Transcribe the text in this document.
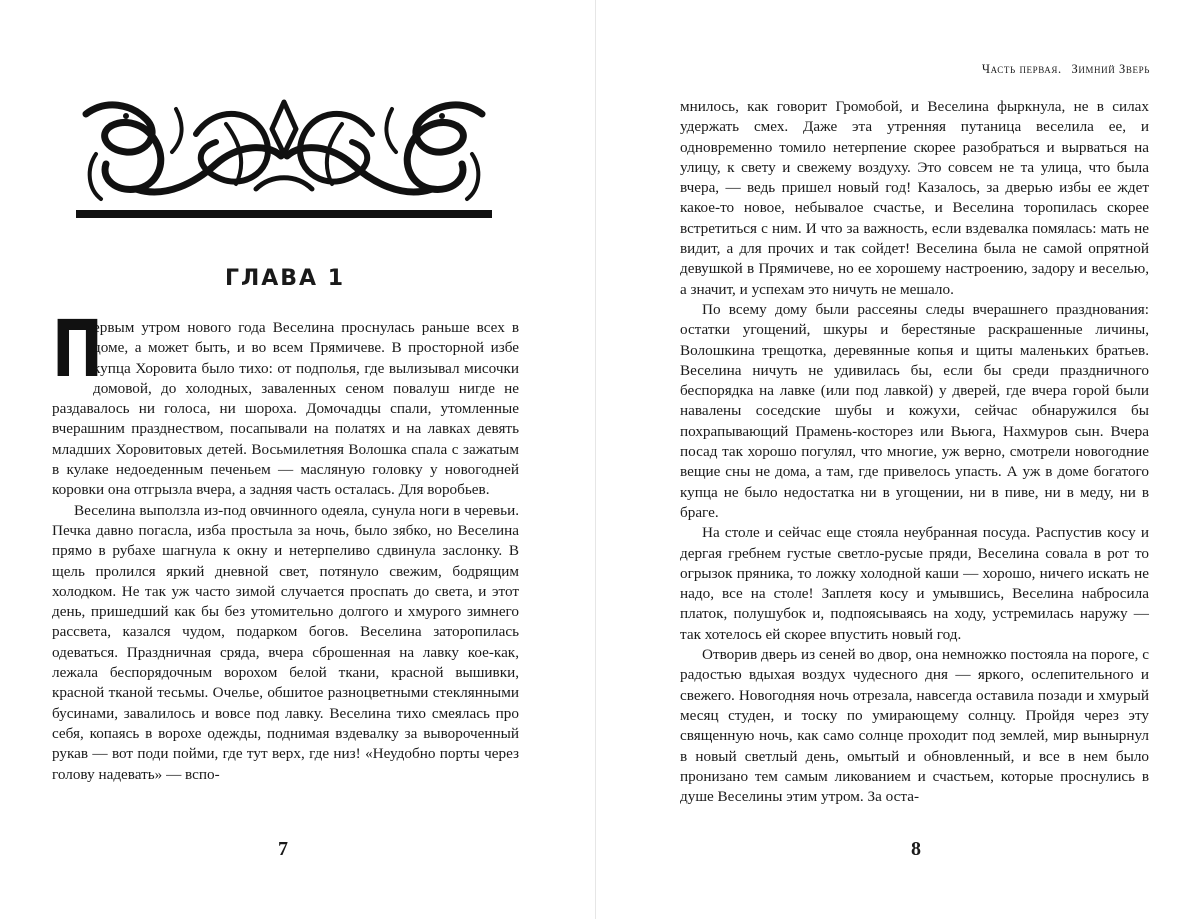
ГЛАВА 1

П
ервым утром нового года Веселина проснулась раньше всех в доме, а может быть, и во всем Прямичеве. В просторной избе купца Хоровита было тихо: от подполья, где вылизывал мисочки домовой, до холодных, заваленных сеном повалуш нигде не раздавалось ни голоса, ни шороха. Домочадцы спали, утомленные вчерашним празднеством, посапывали на полатях и на лавках девять младших Хоровитовых детей. Восьмилетняя Волошка спала с зажатым в кулаке недоеденным печеньем — масляную головку у новогодней коровки она отгрызла вчера, а задняя часть осталась. Для воробьев.

Веселина выползла из-под овчинного одеяла, сунула ноги в черевьи. Печка давно погасла, изба простыла за ночь, было зябко, но Веселина прямо в рубахе шагнула к окну и нетерпеливо сдвинула заслонку. В щель пролился яркий дневной свет, потянуло свежим, бодрящим холодком. Не так уж часто зимой случается проспать до света, и этот день, пришедший как бы без утомительно долгого и хмурого зимнего рассвета, казался чудом, подарком богов. Веселина заторопилась одеваться. Праздничная сряда, вчера сброшенная на лавку кое-как, лежала беспорядочным ворохом белой ткани, красной вышивки, красной тканой тесьмы. Очелье, обшитое разноцветными стеклянными бусинами, завалилось и вовсе под лавку. Веселина тихо смеялась про себя, копаясь в ворохе одежды, поднимая вздевалку за вывороченный рукав — вот поди пойми, где тут верх, где низ! «Неудобно порты через голову надевать» — вспо-

7
Часть первая. Зимний Зверь

мнилось, как говорит Громобой, и Веселина фыркнула, не в силах удержать смех. Даже эта утренняя путаница веселила ее, и одновременно томило нетерпение скорее разобраться и вырваться на улицу, к свету и свежему воздуху. Это совсем не та улица, что была вчера, — ведь пришел новый год! Казалось, за дверью избы ее ждет какое-то новое, небывалое счастье, и Веселина торопилась скорее встретиться с ним. И что за важность, если вздевалка помялась: мать не видит, а для прочих и так сойдет! Веселина была не самой опрятной девушкой в Прямичеве, но ее хорошему настроению, задору и веселью, а значит, и успехам это ничуть не мешало.

По всему дому были рассеяны следы вчерашнего празднования: остатки угощений, шкуры и берестяные раскрашенные личины, Волошкина трещотка, деревянные копья и щиты маленьких братьев. Веселина ничуть не удивилась бы, если бы среди праздничного беспорядка на лавке (или под лавкой) у дверей, где вчера горой были навалены соседские шубы и кожухи, сейчас обнаружился бы похрапывающий Прамень-косторез или Вьюга, Нахмуров сын. Вчера посад так хорошо погулял, что многие, уж верно, смотрели новогодние вещие сны не дома, а там, где привелось упасть. А уж в доме богатого купца не было недостатка ни в угощении, ни в пиве, ни в меду, ни в браге.

На столе и сейчас еще стояла неубранная посуда. Распустив косу и дергая гребнем густые светло-русые пряди, Веселина совала в рот то огрызок пряника, то ложку холодной каши — хорошо, ничего искать не надо, все на столе! Заплетя косу и умывшись, Веселина набросила платок, полушубок и, подпоясываясь на ходу, устремилась наружу — так хотелось ей скорее впустить новый год.

Отворив дверь из сеней во двор, она немножко постояла на пороге, с радостью вдыхая воздух чудесного дня — яркого, ослепительного и свежего. Новогодняя ночь отрезала, навсегда оставила позади и хмурый месяц студен, и тоску по умирающему солнцу. Пройдя через эту священную ночь, как само солнце проходит под землей, мир вынырнул в новый светлый день, омытый и обновленный, и все в нем было пронизано тем самым ликованием и счастьем, которые проснулись в душе Веселины этим утром. За оста-

8
